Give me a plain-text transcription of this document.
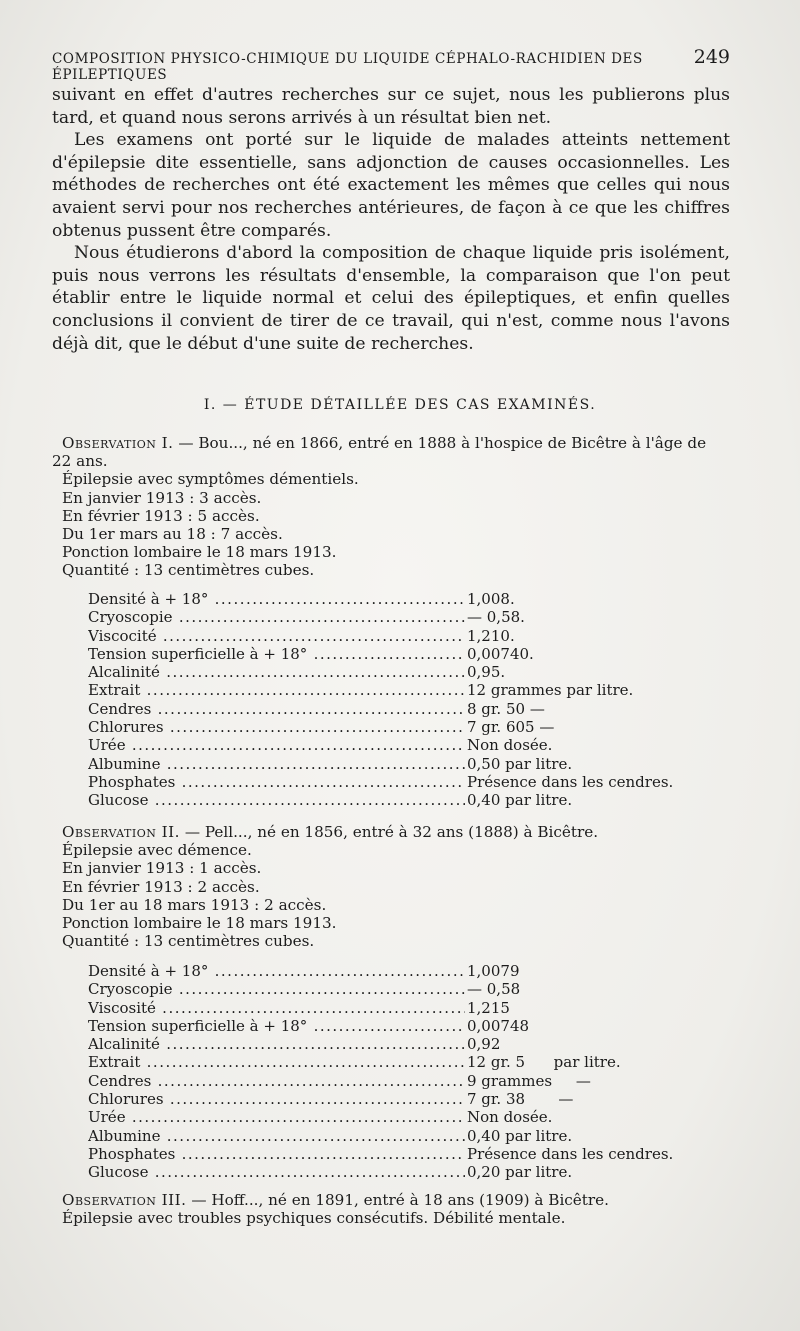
COMPOSITION PHYSICO-CHIMIQUE DU LIQUIDE CÉPHALO-RACHIDIEN DES ÉPILEPTIQUES
249

suivant en effet d'autres recherches sur ce sujet, nous les publierons plus tard, et quand nous serons arrivés à un résultat bien net.

Les examens ont porté sur le liquide de malades atteints nettement d'épilepsie dite essentielle, sans adjonction de causes occasionnelles. Les méthodes de recherches ont été exactement les mêmes que celles qui nous avaient servi pour nos recherches antérieures, de façon à ce que les chiffres obtenus pussent être comparés.

Nous étudierons d'abord la composition de chaque liquide pris isolément, puis nous verrons les résultats d'ensemble, la comparaison que l'on peut établir entre le liquide normal et celui des épileptiques, et enfin quelles conclusions il convient de tirer de ce travail, qui n'est, comme nous l'avons déjà dit, que le début d'une suite de recherches.

I. — ÉTUDE DÉTAILLÉE DES CAS EXAMINÉS.
Observation I. — Bou..., né en 1866, entré en 1888 à l'hospice de Bicêtre à l'âge de 22 ans.
Épilepsie avec symptômes démentiels.
En janvier 1913 : 3 accès.
En février 1913 : 5 accès.
Du 1er mars au 18 : 7 accès.
Ponction lombaire le 18 mars 1913.
Quantité : 13 centimètres cubes.
Densité à + 18° .....	1,008.
Cryoscopie .....	— 0,58.
Viscocité .....	1,210.
Tension superficielle à + 18° .....	0,00740.
Alcalinité .....	0,95.
Extrait .....	12 grammes par litre.
Cendres .....	8 gr. 50 —
Chlorures .....	7 gr. 605 —
Urée .....	Non dosée.
Albumine .....	0,50 par litre.
Phosphates .....	Présence dans les cendres.
Glucose .....	0,40 par litre.
Observation II. — Pell..., né en 1856, entré à 32 ans (1888) à Bicêtre.
Épilepsie avec démence.
En janvier 1913 : 1 accès.
En février 1913 : 2 accès.
Du 1er au 18 mars 1913 : 2 accès.
Ponction lombaire le 18 mars 1913.
Quantité : 13 centimètres cubes.
Densité à + 18° .....	1,0079
Cryoscopie .....	— 0,58
Viscosité .....	1,215
Tension superficielle à + 18° .....	0,00748
Alcalinité .....	0,92
Extrait .....	12 gr. 5      par litre.
Cendres .....	9 grammes     —
Chlorures .....	7 gr. 38       —
Urée .....	Non dosée.
Albumine .....	0,40 par litre.
Phosphates .....	Présence dans les cendres.
Glucose .....	0,20 par litre.
Observation III. — Hoff..., né en 1891, entré à 18 ans (1909) à Bicêtre.
Épilepsie avec troubles psychiques consécutifs. Débilité mentale.
